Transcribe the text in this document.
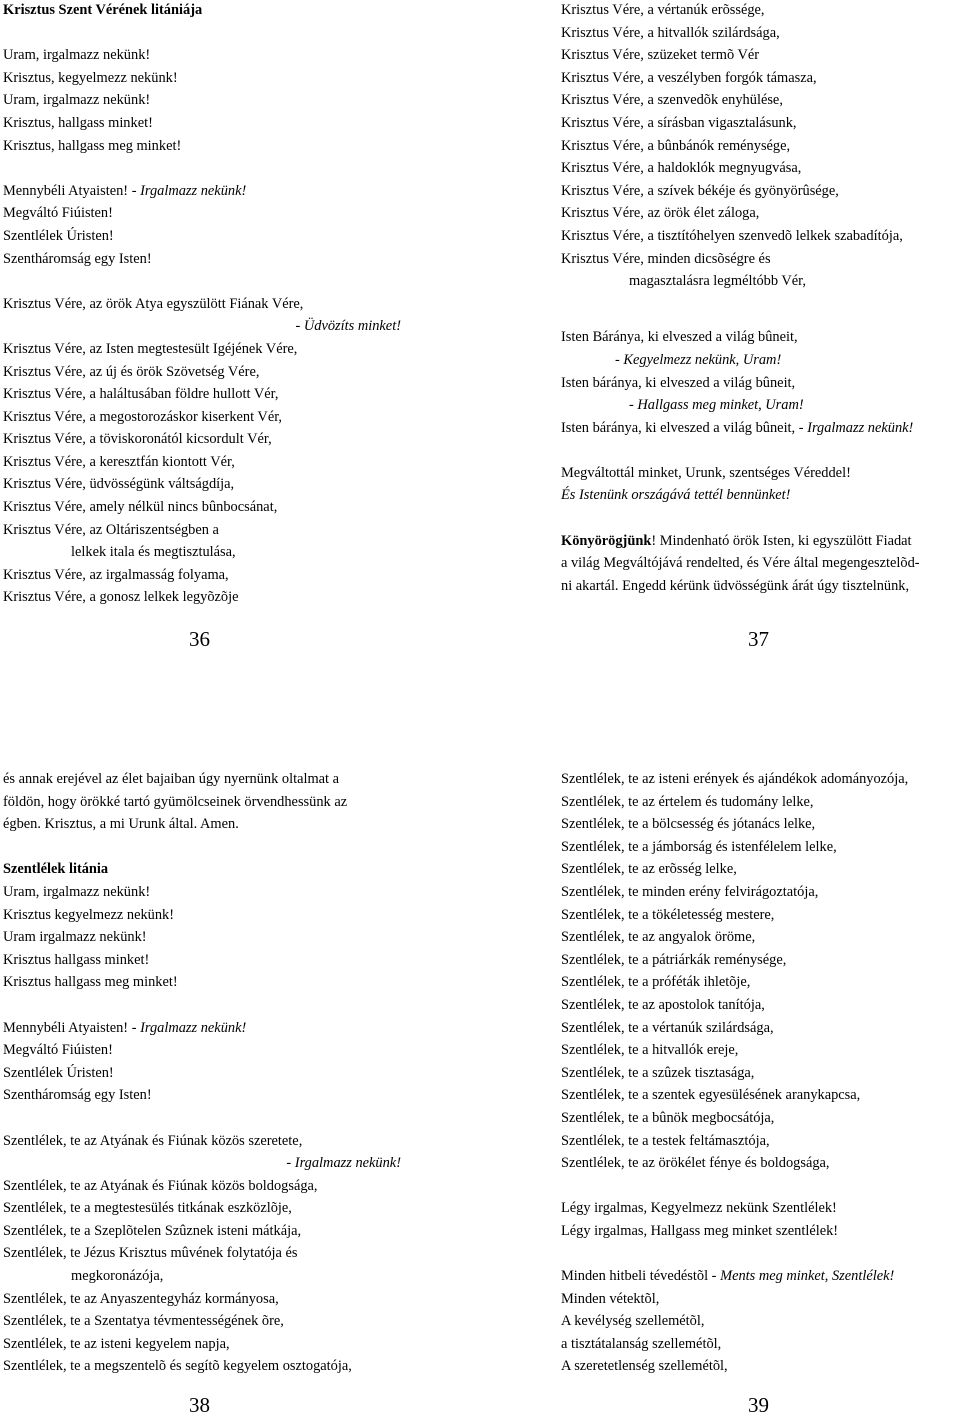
Krisztus Szent Vérének litániája
Uram, irgalmazz nekünk!
Krisztus, kegyelmezz nekünk!
Uram, irgalmazz nekünk!
Krisztus, hallgass minket!
Krisztus, hallgass meg minket!
Mennybéli Atyaisten! - Irgalmazz nekünk!
Megváltó Fiúisten!
Szentlélek Úristen!
Szentháromság egy Isten!
Krisztus Vére, az örök Atya egyszülött Fiának Vére,
- Üdvözíts minket!
Krisztus Vére, az Isten megtestesült Igéjének Vére,
Krisztus Vére, az új és örök Szövetség Vére,
Krisztus Vére, a haláltusában földre hullott Vér,
Krisztus Vére, a megostorozáskor kiserkent Vér,
Krisztus Vére, a töviskoronától kicsordult Vér,
Krisztus Vére, a keresztfán kiontott Vér,
Krisztus Vére, üdvösségünk váltságdíja,
Krisztus Vére, amely nélkül nincs bûnbocsánat,
Krisztus Vére, az Oltáriszentségben a
lelkek itala és megtisztulása,
Krisztus Vére, az irgalmasság folyama,
Krisztus Vére, a gonosz lelkek legyõzõje
36
Krisztus Vére, a vértanúk erõssége,
Krisztus Vére, a hitvallók szilárdsága,
Krisztus Vére, szüzeket termõ Vér
Krisztus Vére, a veszélyben forgók támasza,
Krisztus Vére, a szenvedõk enyhülése,
Krisztus Vére, a sírásban vigasztalásunk,
Krisztus Vére, a bûnbánók reménysége,
Krisztus Vére, a haldoklók megnyugvása,
Krisztus Vére, a szívek békéje és gyönyörûsége,
Krisztus Vére, az örök élet záloga,
Krisztus Vére, a tisztítóhelyen szenvedõ lelkek szabadítója,
Krisztus Vére, minden dicsõségre és
magasztalásra legméltóbb Vér,
Isten Báránya, ki elveszed a világ bûneit,
- Kegyelmezz nekünk, Uram!
Isten báránya, ki elveszed a világ bûneit,
- Hallgass meg minket, Uram!
Isten báránya, ki elveszed a világ bûneit, - Irgalmazz nekünk!
Megváltottál minket, Urunk, szentséges Véreddel!
És Istenünk országává tettél bennünket!
Könyörögjünk! Mindenható örök Isten, ki egyszülött Fiadat
a világ Megváltójává rendelted, és Vére által megengesztelõd-
ni akartál. Engedd kérünk üdvösségünk árát úgy tisztelnünk,
37
és annak erejével az élet bajaiban úgy nyernünk oltalmat a
földön, hogy örökké tartó gyümölcseinek örvendhessünk az
égben. Krisztus, a mi Urunk által. Amen.
Szentlélek litánia
Uram, irgalmazz nekünk!
Krisztus kegyelmezz nekünk!
Uram irgalmazz nekünk!
Krisztus hallgass minket!
Krisztus hallgass meg minket!
Mennybéli Atyaisten! - Irgalmazz nekünk!
Megváltó Fiúisten!
Szentlélek Úristen!
Szentháromság egy Isten!
Szentlélek, te az Atyának és Fiúnak közös szeretete,
- Irgalmazz nekünk!
Szentlélek, te az Atyának és Fiúnak közös boldogsága,
Szentlélek, te a megtestesülés titkának eszközlõje,
Szentlélek, te a Szeplõtelen Szûznek isteni mátkája,
Szentlélek, te Jézus Krisztus mûvének folytatója és
megkoronázója,
Szentlélek, te az Anyaszentegyház kormányosa,
Szentlélek, te a Szentatya tévmentességének õre,
Szentlélek, te az isteni kegyelem napja,
Szentlélek, te a megszentelõ és segítõ kegyelem osztogatója,
38
Szentlélek, te az isteni erények és ajándékok adományozója,
Szentlélek, te az értelem és tudomány lelke,
Szentlélek, te a bölcsesség és jótanács lelke,
Szentlélek, te a jámborság és istenfélelem lelke,
Szentlélek, te az erõsség lelke,
Szentlélek, te minden erény felvirágoztatója,
Szentlélek, te a tökéletesség mestere,
Szentlélek, te az angyalok öröme,
Szentlélek, te a pátriárkák reménysége,
Szentlélek, te a próféták ihletõje,
Szentlélek, te az apostolok tanítója,
Szentlélek, te a vértanúk szilárdsága,
Szentlélek, te a hitvallók ereje,
Szentlélek, te a szûzek tisztasága,
Szentlélek, te a szentek egyesülésének aranykapcsa,
Szentlélek, te a bûnök megbocsátója,
Szentlélek, te a testek feltámasztója,
Szentlélek, te az örökélet fénye és boldogsága,
Légy irgalmas, Kegyelmezz nekünk Szentlélek!
Légy irgalmas, Hallgass meg minket szentlélek!
Minden hitbeli tévedéstõl - Ments meg minket, Szentlélek!
Minden vétektõl,
A kevélység szellemétõl,
a tisztátalanság szellemétõl,
A szeretetlenség szellemétõl,
39
